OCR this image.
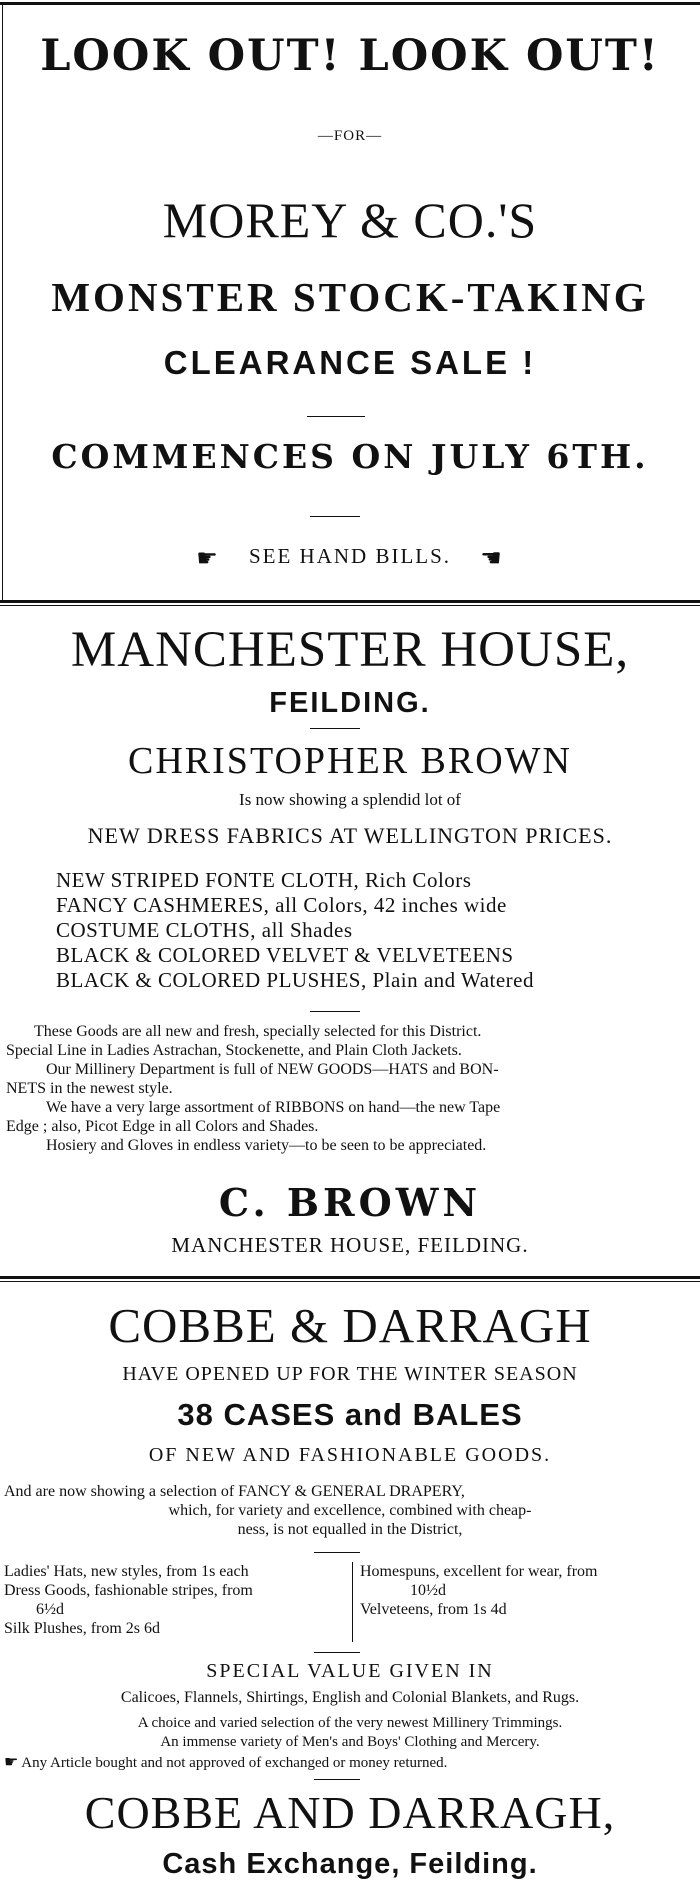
LOOK OUT! LOOK OUT!
—FOR—
MOREY & CO.'S
MONSTER STOCK-TAKING
CLEARANCE SALE !
COMMENCES ON JULY 6TH.
☛ SEE HAND BILLS. ☚
MANCHESTER HOUSE,
FEILDING.
CHRISTOPHER BROWN
Is now showing a splendid lot of
NEW DRESS FABRICS AT WELLINGTON PRICES.
NEW STRIPED FONTE CLOTH, Rich Colors
FANCY CASHMERES, all Colors, 42 inches wide
COSTUME CLOTHS, all Shades
BLACK & COLORED VELVET & VELVETEENS
BLACK & COLORED PLUSHES, Plain and Watered
These Goods are all new and fresh, specially selected for this District.
Special Line in Ladies Astrachan, Stockenette, and Plain Cloth Jackets.
Our Millinery Department is full of NEW GOODS—HATS and BON-
NETS in the newest style.
We have a very large assortment of RIBBONS on hand—the new Tape
Edge ; also, Picot Edge in all Colors and Shades.
Hosiery and Gloves in endless variety—to be seen to be appreciated.
C. BROWN
MANCHESTER HOUSE, FEILDING.
COBBE & DARRAGH
HAVE OPENED UP FOR THE WINTER SEASON
38 CASES and BALES
OF NEW AND FASHIONABLE GOODS.
And are now showing a selection of FANCY & GENERAL DRAPERY,
which, for variety and excellence, combined with cheap-
ness, is not equalled in the District,
Ladies' Hats, new styles, from 1s each
Dress Goods, fashionable stripes, from
6½d
Silk Plushes, from 2s 6d
Homespuns, excellent for wear, from
10½d
Velveteens, from 1s 4d
SPECIAL VALUE GIVEN IN
Calicoes, Flannels, Shirtings, English and Colonial Blankets, and Rugs.
A choice and varied selection of the very newest Millinery Trimmings.
An immense variety of Men's and Boys' Clothing and Mercery.
☛ Any Article bought and not approved of exchanged or money returned.
COBBE AND DARRAGH,
Cash Exchange, Feilding.
